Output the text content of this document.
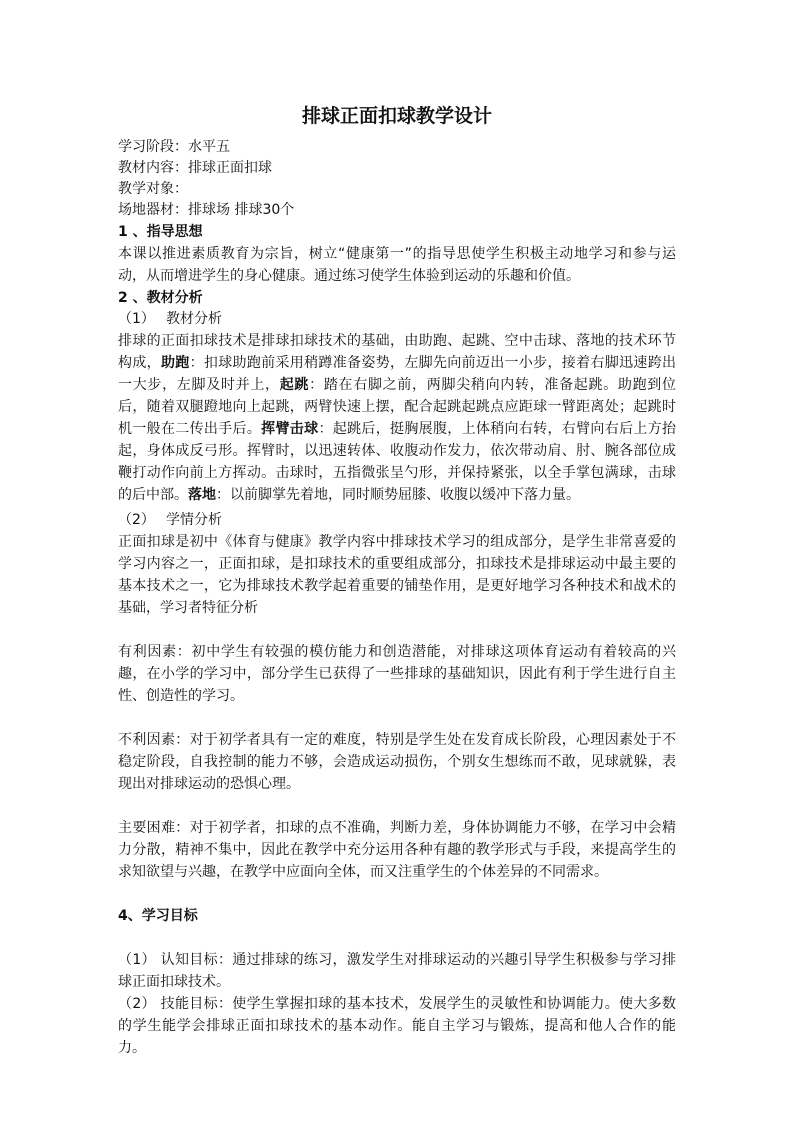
排球正面扣球教学设计
学习阶段：水平五
教材内容：排球正面扣球
教学对象：
场地器材：排球场 排球30个
1 、指导思想

本课以推进素质教育为宗旨，树立“健康第一”的指导思使学生积极主动地学习和参与运动，从而增进学生的身心健康。通过练习使学生体验到运动的乐趣和价值。

2 、教材分析
（1） 教材分析

排球的正面扣球技术是排球扣球技术的基础，由助跑、起跳、空中击球、落地的技术环节构成，助跑：扣球助跑前采用稍蹲准备姿势，左脚先向前迈出一小步，接着右脚迅速跨出一大步，左脚及时并上，起跳：踏在右脚之前，两脚尖稍向内转，准备起跳。助跑到位后，随着双腿蹬地向上起跳，两臂快速上摆，配合起跳起跳点应距球一臂距离处；起跳时机一般在二传出手后。挥臂击球：起跳后，挺胸展腹，上体稍向右转，右臂向右后上方抬起，身体成反弓形。挥臂时，以迅速转体、收腹动作发力，依次带动肩、肘、腕各部位成鞭打动作向前上方挥动。击球时，五指微张呈勺形，并保持紧张，以全手掌包满球，击球的后中部。落地：以前脚掌先着地，同时顺势屈膝、收腹以缓冲下落力量。

（2） 学情分析

正面扣球是初中《体育与健康》教学内容中排球技术学习的组成部分，是学生非常喜爱的学习内容之一，正面扣球，是扣球技术的重要组成部分，扣球技术是排球运动中最主要的基本技术之一，它为排球技术教学起着重要的铺垫作用，是更好地学习各种技术和战术的基础，学习者特征分析

有利因素：初中学生有较强的模仿能力和创造潜能，对排球这项体育运动有着较高的兴趣，在小学的学习中，部分学生已获得了一些排球的基础知识，因此有利于学生进行自主性、创造性的学习。

不利因素：对于初学者具有一定的难度，特别是学生处在发育成长阶段，心理因素处于不稳定阶段，自我控制的能力不够，会造成运动损伤，个别女生想练而不敢，见球就躲，表现出对排球运动的恐惧心理。

主要困难：对于初学者，扣球的点不准确，判断力差，身体协调能力不够，在学习中会精力分散，精神不集中，因此在教学中充分运用各种有趣的教学形式与手段，来提高学生的求知欲望与兴趣，在教学中应面向全体，而又注重学生的个体差异的不同需求。

4、学习目标

（1） 认知目标：通过排球的练习，激发学生对排球运动的兴趣引导学生积极参与学习排球正面扣球技术。

（2） 技能目标：使学生掌握扣球的基本技术，发展学生的灵敏性和协调能力。使大多数的学生能学会排球正面扣球技术的基本动作。能自主学习与锻炼，提高和他人合作的能力。
